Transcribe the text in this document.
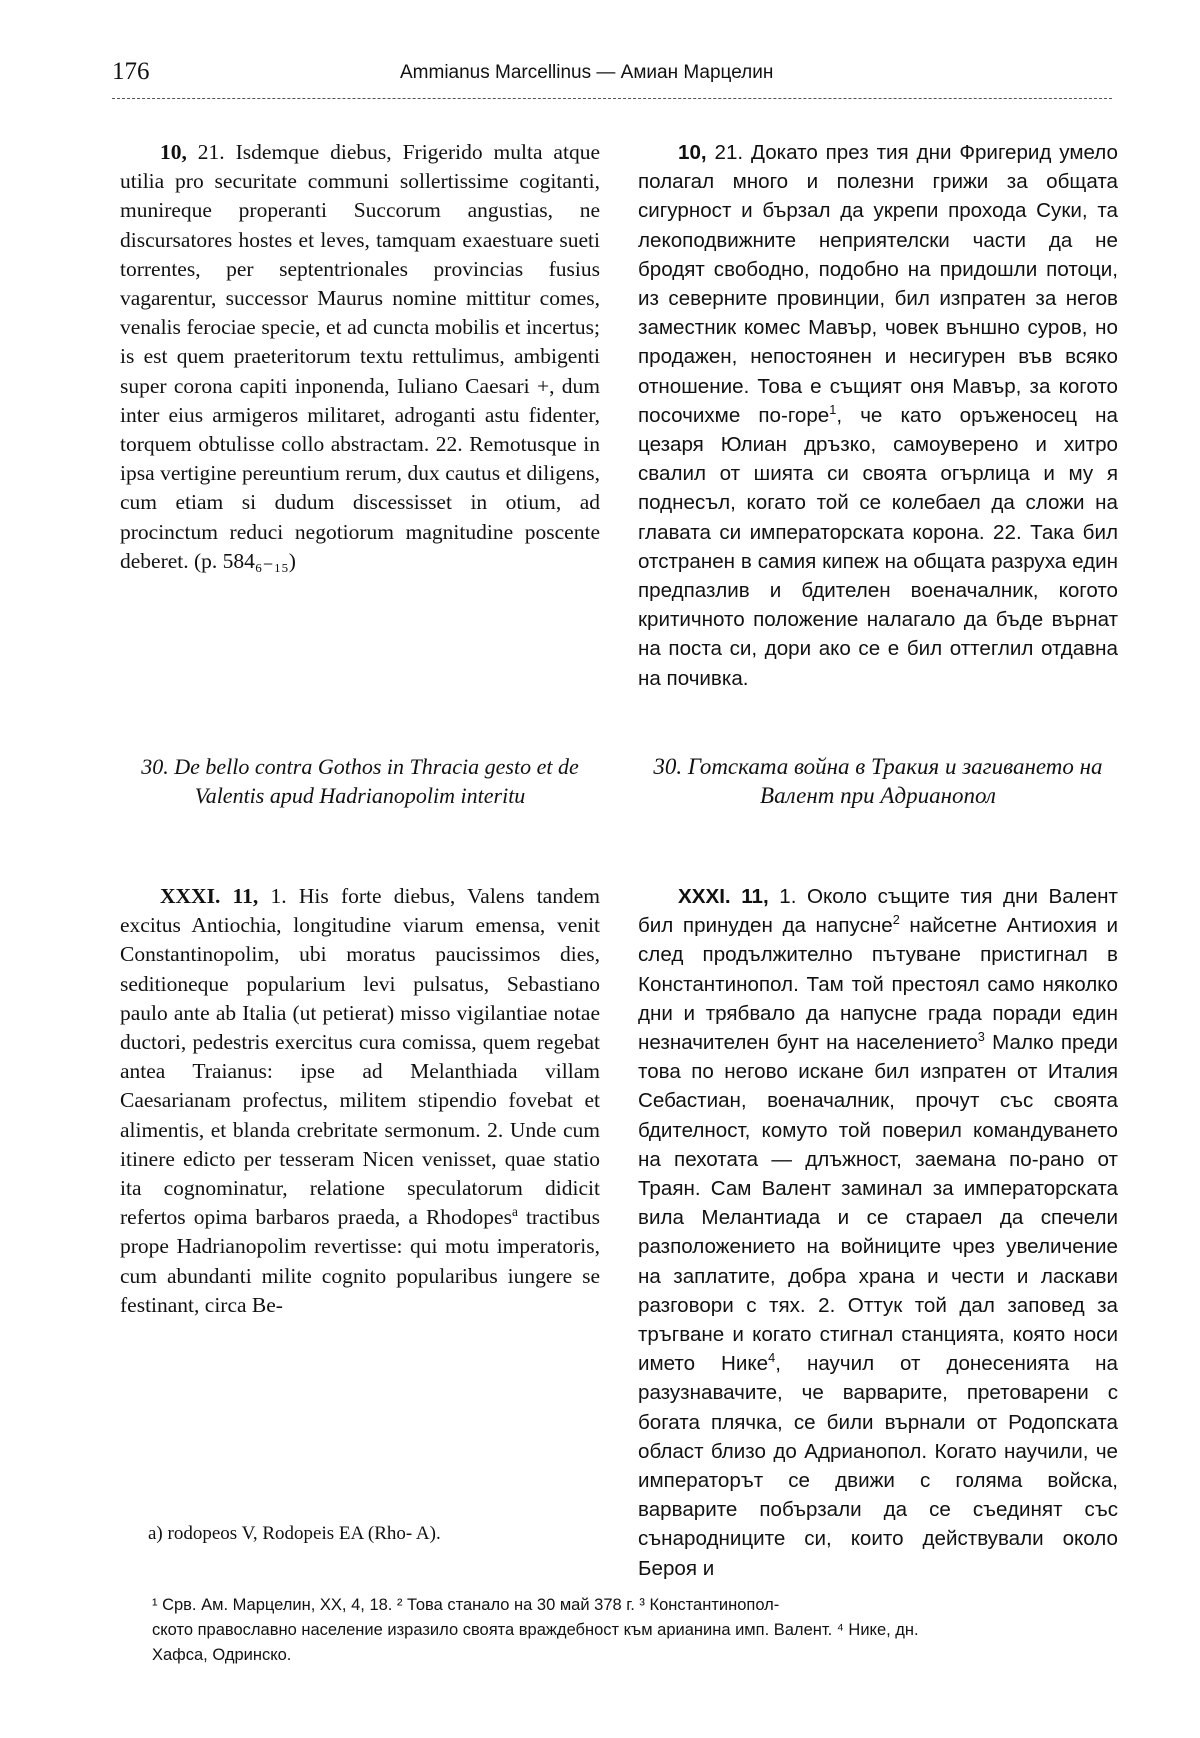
176	Ammianus Marcellinus — Амиан Марцелин

10, 21. Isdemque diebus, Frigerido multa atque utilia pro securitate communi sollertissime cogitanti, munireque properanti Succorum angustias, ne discursatores hostes et leves, tamquam exaestuare sueti torrentes, per septentrionales provincias fusius vagarentur, successor Maurus nomine mittitur comes, venalis ferociae specie, et ad cuncta mobilis et incertus; is est quem praeteritorum textu rettulimus, ambigenti super corona capiti inponenda, Iuliano Caesari +, dum inter eius armigeros militaret, adroganti astu fidenter, torquem obtulisse collo abstractam. 22. Remotusque in ipsa vertigine pereuntium rerum, dux cautus et diligens, cum etiam si dudum discessisset in otium, ad procinctum reduci negotiorum magnitudine poscente deberet. (p. 584₆₋₁₅)

10, 21. Докато през тия дни Фригерид умело полагал много и полезни грижи за общата сигурност и бързал да укрепи прохода Суки, та лекоподвижните неприятелски части да не бродят свободно, подобно на придошли потоци, из северните провинции, бил изпратен за негов заместник комес Мавър, човек външно суров, но продажен, непостоянен и несигурен във всяко отношение. Това е същият оня Мавър, за когото посочихме по-горе$^1$, че като оръженосец на цезаря Юлиан дръзко, самоуверено и хитро свалил от шията си своята огърлица и му я поднесъл, когато той се колебаел да сложи на главата си императорската корона. 22. Така бил отстранен в самия кипеж на общата разруха един предпазлив и бдителен военачалник, когото критичното положение налагало да бъде върнат на поста си, дори ако се е бил оттеглил отдавна на почивка.

30. De bello contra Gothos in Thracia gesto et de Valentis apud Hadrianopolim interitu
30. Готската война в Тракия и загиването на Валент при Адрианопол

XXXI. 11, 1. His forte diebus, Valens tandem excitus Antiochia, longitudine viarum emensa, venit Constantinopolim, ubi moratus paucissimos dies, seditioneque popularium levi pulsatus, Sebastiano paulo ante ab Italia (ut petierat) misso vigilantiae notae ductori, pedestris exercitus cura comissa, quem regebat antea Traianus: ipse ad Melanthiada villam Caesarianam profectus, militem stipendio fovebat et alimentis, et blanda crebritate sermonum. 2. Unde cum itinere edicto per tesseram Nicen venisset, quae statio ita cognominatur, relatione speculatorum didicit refertos opima barbaros praeda, a Rhodopes$^a$ tractibus prope Hadrianopolim revertisse: qui motu imperatoris, cum abundanti milite cognito popularibus iungere se festinant, circa Be-

XXXI. 11, 1. Около същите тия дни Валент бил принуден да напусне$^2$ найсетне Антиохия и след продължително пътуване пристигнал в Константинопол. Там той престоял само няколко дни и трябвало да напусне града поради един незначителен бунт на населението$^3$ Малко преди това по негово искане бил изпратен от Италия Себастиан, военачалник, прочут със своята бдителност, комуто той поверил командуването на пехотата — длъжност, заемана по-рано от Траян. Сам Валент заминал за императорската вила Мелантиада и се стараел да спечели разположението на войниците чрез увеличение на заплатите, добра храна и чести и ласкави разговори с тях. 2. Оттук той дал заповед за тръгване и когато стигнал станцията, която носи името Нике$^4$, научил от донесенията на разузнавачите, че варварите, претоварени с богата плячка, се били върнали от Родопската област близо до Адрианопол. Когато научили, че императорът се движи с голяма войска, варварите побързали да се съединят със сънародниците си, които действували около Бероя и

a) rodopeos V, Rodopeis EA (Rho- A).
¹ Срв. Ам. Марцелин, XX, 4, 18. ² Това станало на 30 май 378 г. ³ Константинопол-
ското православно население изразило своята враждебност към арианина имп. Валент. ⁴ Нике, дн.
Хафса, Одринско.
